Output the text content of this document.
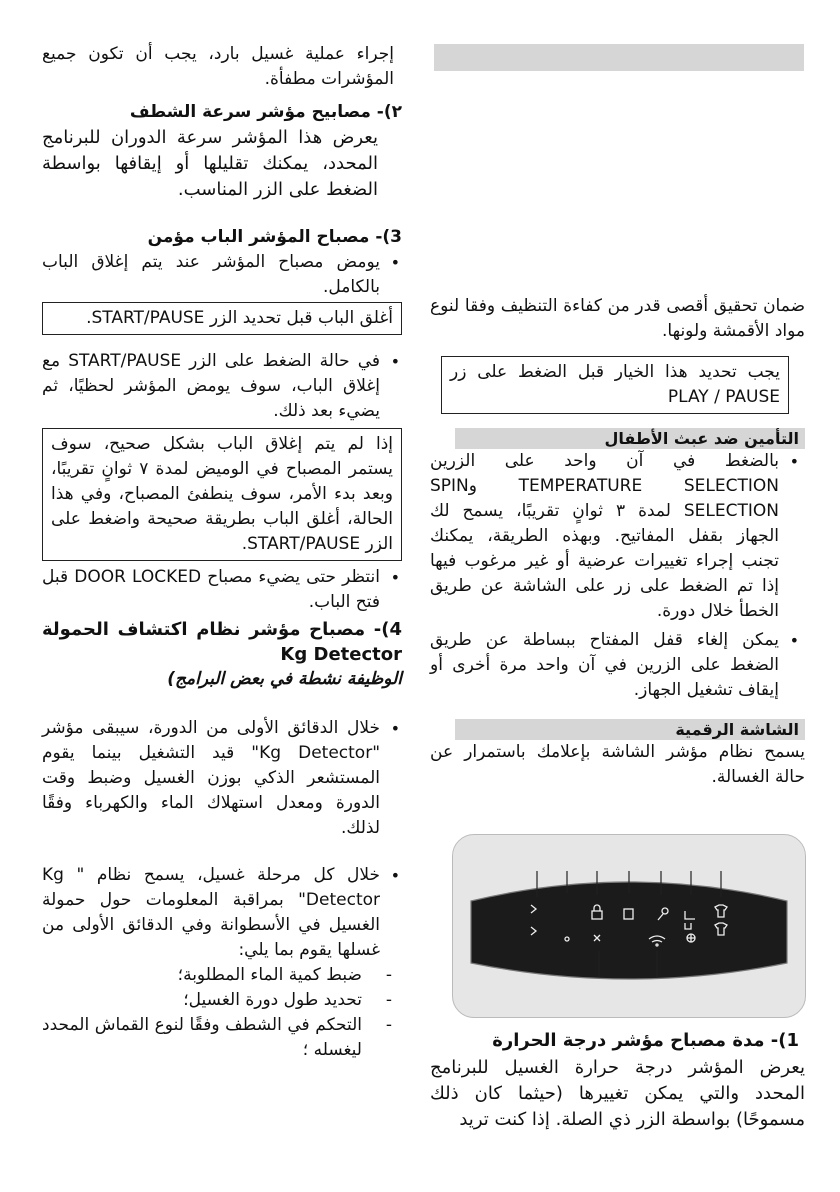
إجراء عملية غسيل بارد، يجب أن تكون جميع المؤشرات مطفأة.

٢)- مصابيح مؤشر سرعة الشطف

يعرض هذا المؤشر سرعة الدوران للبرنامج المحدد، يمكنك تقليلها أو إيقافها بواسطة الضغط على الزر المناسب.

3)- مصباح المؤشر الباب مؤمن

• يومض مصباح المؤشر عند يتم إغلاق الباب بالكامل.

أغلق الباب قبل تحديد الزر START/PAUSE.

• في حالة الضغط على الزر START/PAUSE مع إغلاق الباب، سوف يومض المؤشر لحظيًا، ثم يضيء بعد ذلك.

إذا لم يتم إغلاق الباب بشكل صحيح، سوف يستمر المصباح في الوميض لمدة ٧ ثوانٍ تقريبًا، وبعد بدء الأمر، سوف ينطفئ المصباح، وفي هذا الحالة، أغلق الباب بطريقة صحيحة واضغط على الزر START/PAUSE.

• انتظر حتى يضيء مصباح DOOR LOCKED قبل فتح الباب.

4)- مصباح مؤشر نظام اكتشاف الحمولة Kg Detector

الوظيفة نشطة في بعض البرامج)

• خلال الدقائق الأولى من الدورة، سيبقى مؤشر "Kg Detector" قيد التشغيل بينما يقوم المستشعر الذكي بوزن الغسيل وضبط وقت الدورة ومعدل استهلاك الماء والكهرباء وفقًا لذلك.

• خلال كل مرحلة غسيل، يسمح نظام " Kg Detector" بمراقبة المعلومات حول حمولة الغسيل في الأسطوانة وفي الدقائق الأولى من غسلها يقوم بما يلي:

- ضبط كمية الماء المطلوبة؛

- تحديد طول دورة الغسيل؛

- التحكم في الشطف وفقًا لنوع القماش المحدد ليغسله ؛

ضمان تحقيق أقصى قدر من كفاءة التنظيف وفقا لنوع مواد الأقمشة ولونها.

يجب تحديد هذا الخيار قبل الضغط على زر PLAY / PAUSE
التأمين ضد عبث الأطفال

• بالضغط في آن واحد على الزرين TEMPERATURE SELECTION وSPIN SELECTION لمدة ٣ ثوانٍ تقريبًا، يسمح لك الجهاز بقفل المفاتيح. وبهذه الطريقة، يمكنك تجنب إجراء تغييرات عرضية أو غير مرغوب فيها إذا تم الضغط على زر على الشاشة عن طريق الخطأ خلال دورة.

• يمكن إلغاء قفل المفتاح ببساطة عن طريق الضغط على الزرين في آن واحد مرة أخرى أو إيقاف تشغيل الجهاز.

الشاشة الرقمية

يسمح نظام مؤشر الشاشة بإعلامك باستمرار عن حالة الغسالة.

1)- مدة مصباح مؤشر درجة الحرارة

يعرض المؤشر درجة حرارة الغسيل للبرنامج المحدد والتي يمكن تغييرها (حيثما كان ذلك مسموحًا) بواسطة الزر ذي الصلة. إذا كنت تريد
